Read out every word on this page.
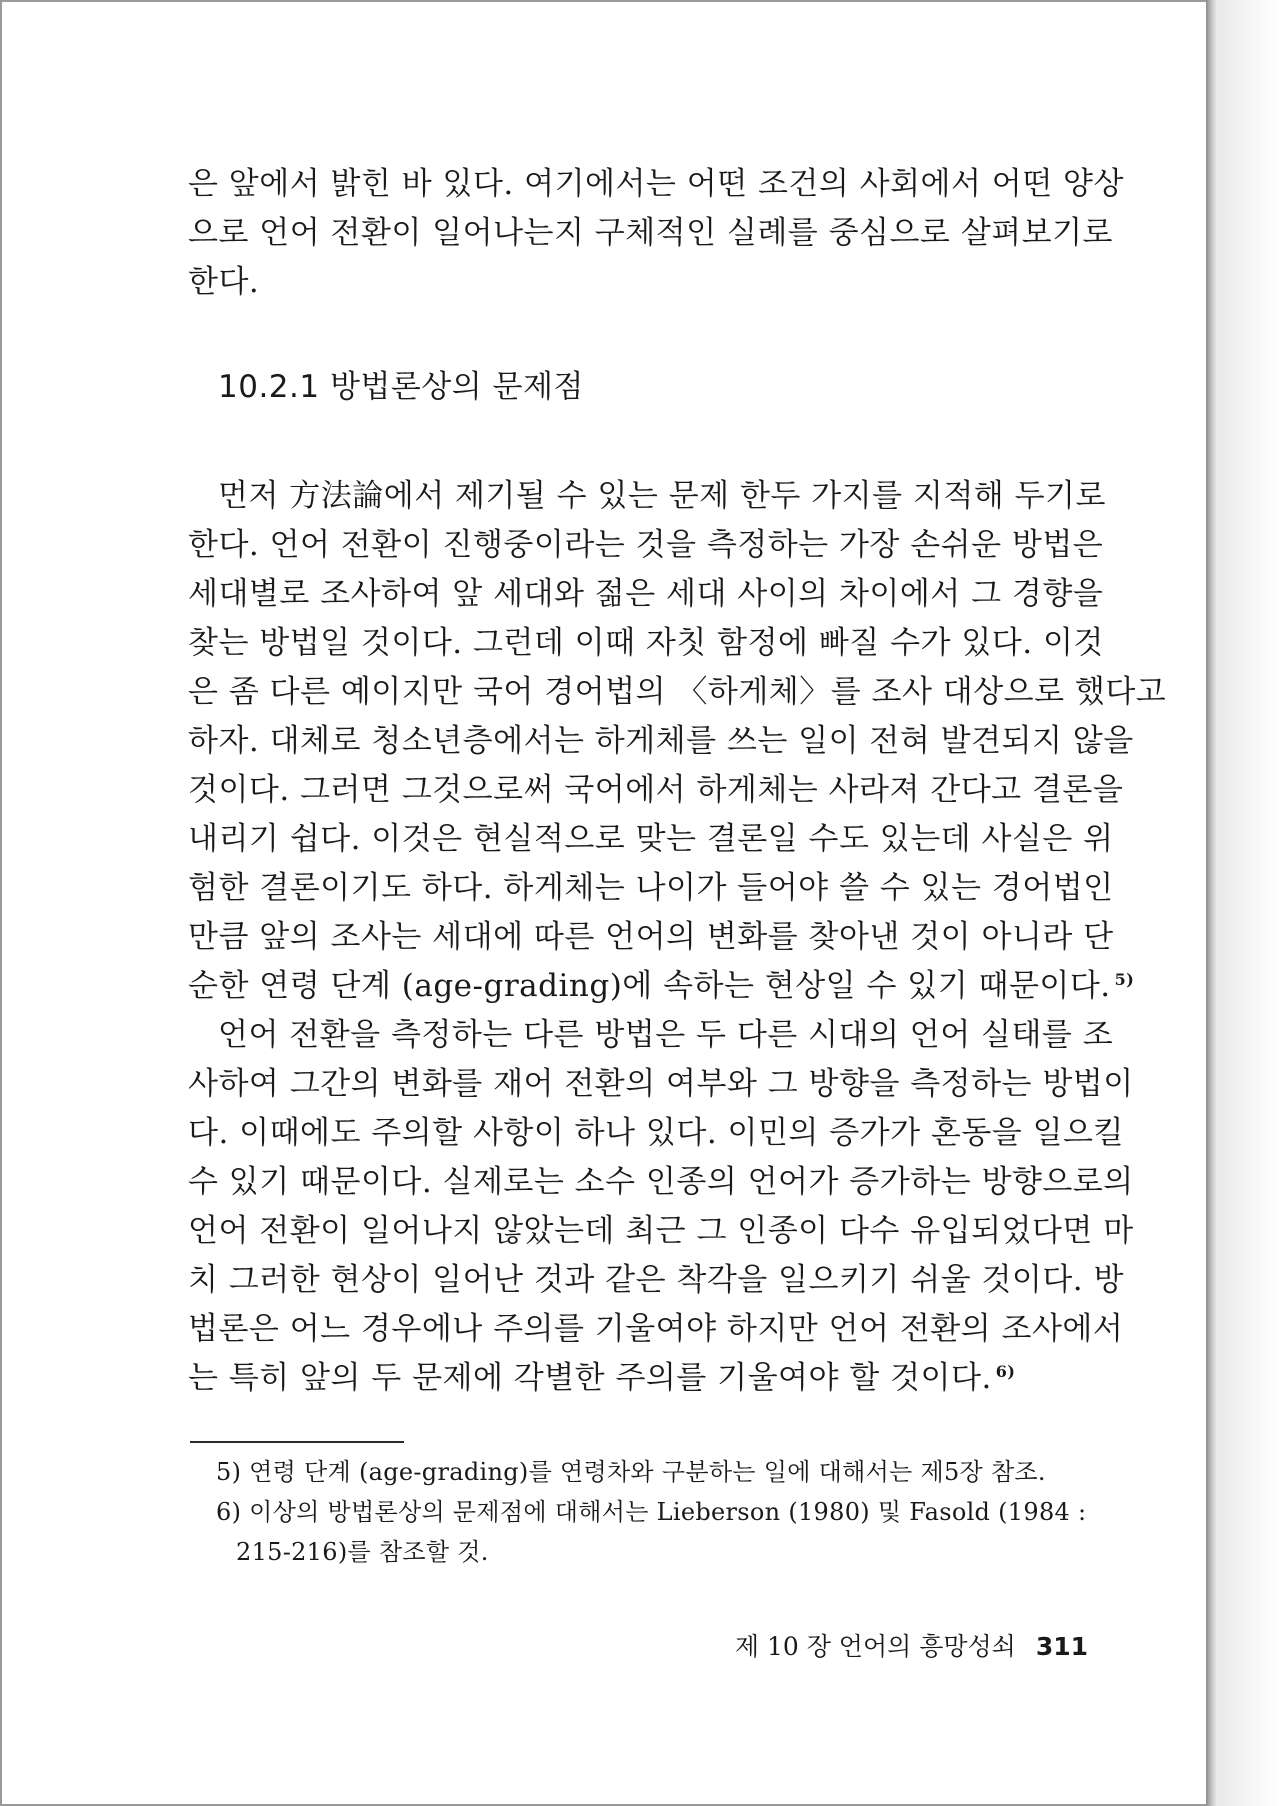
은 앞에서 밝힌 바 있다. 여기에서는 어떤 조건의 사회에서 어떤 양상
으로 언어 전환이 일어나는지 구체적인 실례를 중심으로 살펴보기로
한다.
10.2.1 방법론상의 문제점
먼저 方法論에서 제기될 수 있는 문제 한두 가지를 지적해 두기로
한다. 언어 전환이 진행중이라는 것을 측정하는 가장 손쉬운 방법은
세대별로 조사하여 앞 세대와 젊은 세대 사이의 차이에서 그 경향을
찾는 방법일 것이다. 그런데 이때 자칫 함정에 빠질 수가 있다. 이것
은 좀 다른 예이지만 국어 경어법의 〈하게체〉를 조사 대상으로 했다고
하자. 대체로 청소년층에서는 하게체를 쓰는 일이 전혀 발견되지 않을
것이다. 그러면 그것으로써 국어에서 하게체는 사라져 간다고 결론을
내리기 쉽다. 이것은 현실적으로 맞는 결론일 수도 있는데 사실은 위
험한 결론이기도 하다. 하게체는 나이가 들어야 쓸 수 있는 경어법인
만큼 앞의 조사는 세대에 따른 언어의 변화를 찾아낸 것이 아니라 단
순한 연령 단계 (age-grading)에 속하는 현상일 수 있기 때문이다. $^{5)}$
언어 전환을 측정하는 다른 방법은 두 다른 시대의 언어 실태를 조
사하여 그간의 변화를 재어 전환의 여부와 그 방향을 측정하는 방법이
다. 이때에도 주의할 사항이 하나 있다. 이민의 증가가 혼동을 일으킬
수 있기 때문이다. 실제로는 소수 인종의 언어가 증가하는 방향으로의
언어 전환이 일어나지 않았는데 최근 그 인종이 다수 유입되었다면 마
치 그러한 현상이 일어난 것과 같은 착각을 일으키기 쉬울 것이다. 방
법론은 어느 경우에나 주의를 기울여야 하지만 언어 전환의 조사에서
는 특히 앞의 두 문제에 각별한 주의를 기울여야 할 것이다. $^{6)}$
5) 연령 단계 (age-grading)를 연령차와 구분하는 일에 대해서는 제5장 참조.
6) 이상의 방법론상의 문제점에 대해서는 Lieberson (1980) 및 Fasold (1984 :
215-216)를 참조할 것.
제 10 장 언어의 흥망성쇠 311
